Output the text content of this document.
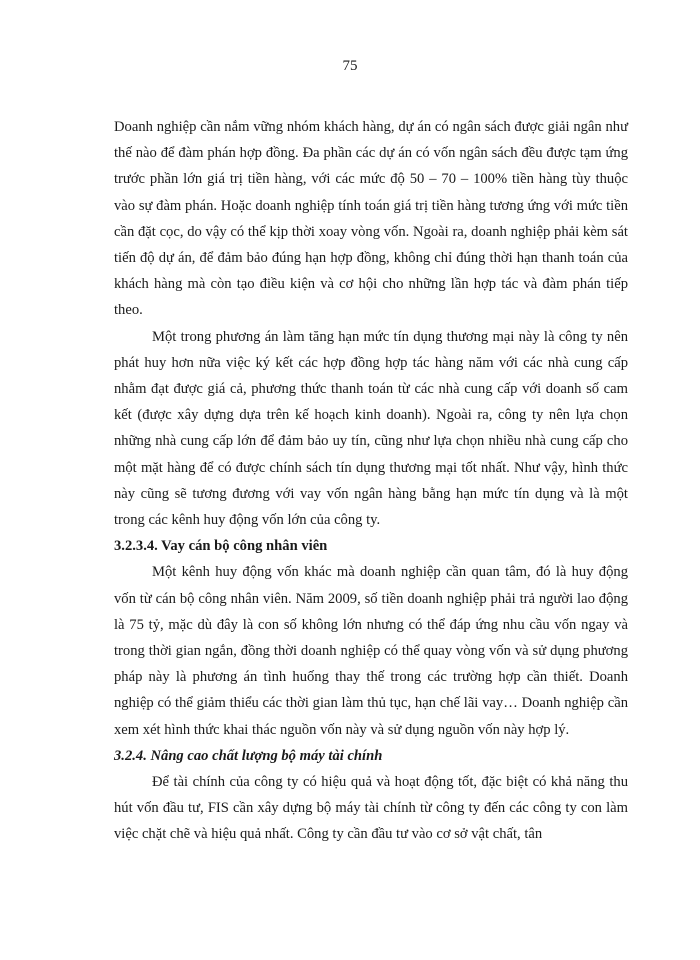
75

Doanh nghiệp cần nắm vững nhóm khách hàng, dự án có ngân sách được giải ngân như thế nào để đàm phán hợp đồng. Đa phần các dự án có vốn ngân sách đều được tạm ứng trước phần lớn giá trị tiền hàng, với các mức độ 50 – 70 – 100% tiền hàng tùy thuộc vào sự đàm phán. Hoặc doanh nghiệp tính toán giá trị tiền hàng tương ứng với mức tiền cần đặt cọc, do vậy có thể kịp thời xoay vòng vốn. Ngoài ra, doanh nghiệp phải kèm sát tiến độ dự án, để đảm bảo đúng hạn hợp đồng, không chỉ đúng thời hạn thanh toán của khách hàng mà còn tạo điều kiện và cơ hội cho những lần hợp tác và đàm phán tiếp theo.

Một trong phương án làm tăng hạn mức tín dụng thương mại này là công ty nên phát huy hơn nữa việc ký kết các hợp đồng hợp tác hàng năm với các nhà cung cấp nhằm đạt được giá cả, phương thức thanh toán từ các nhà cung cấp với doanh số cam kết (được xây dựng dựa trên kế hoạch kinh doanh). Ngoài ra, công ty nên lựa chọn những nhà cung cấp lớn để đảm bảo uy tín, cũng như lựa chọn nhiều nhà cung cấp cho một mặt hàng để có được chính sách tín dụng thương mại tốt nhất. Như vậy, hình thức này cũng sẽ tương đương với vay vốn ngân hàng bằng hạn mức tín dụng và là một trong các kênh huy động vốn lớn của công ty.

3.2.3.4. Vay cán bộ công nhân viên

Một kênh huy động vốn khác mà doanh nghiệp cần quan tâm, đó là huy động vốn từ cán bộ công nhân viên. Năm 2009, số tiền doanh nghiệp phải trả người lao động là 75 tỷ, mặc dù đây là con số không lớn nhưng có thể đáp ứng nhu cầu vốn ngay và trong thời gian ngắn, đồng thời doanh nghiệp có thể quay vòng vốn và sử dụng phương pháp này là phương án tình huống thay thế trong các trường hợp cần thiết. Doanh nghiệp có thể giảm thiểu các thời gian làm thủ tục, hạn chế lãi vay… Doanh nghiệp cần xem xét hình thức khai thác nguồn vốn này và sử dụng nguồn vốn này hợp lý.

3.2.4. Nâng cao chất lượng bộ máy tài chính

Để tài chính của công ty có hiệu quả và hoạt động tốt, đặc biệt có khả năng thu hút vốn đầu tư, FIS cần xây dựng bộ máy tài chính từ công ty đến các công ty con làm việc chặt chẽ và hiệu quả nhất. Công ty cần đầu tư vào cơ sở vật chất, tân
